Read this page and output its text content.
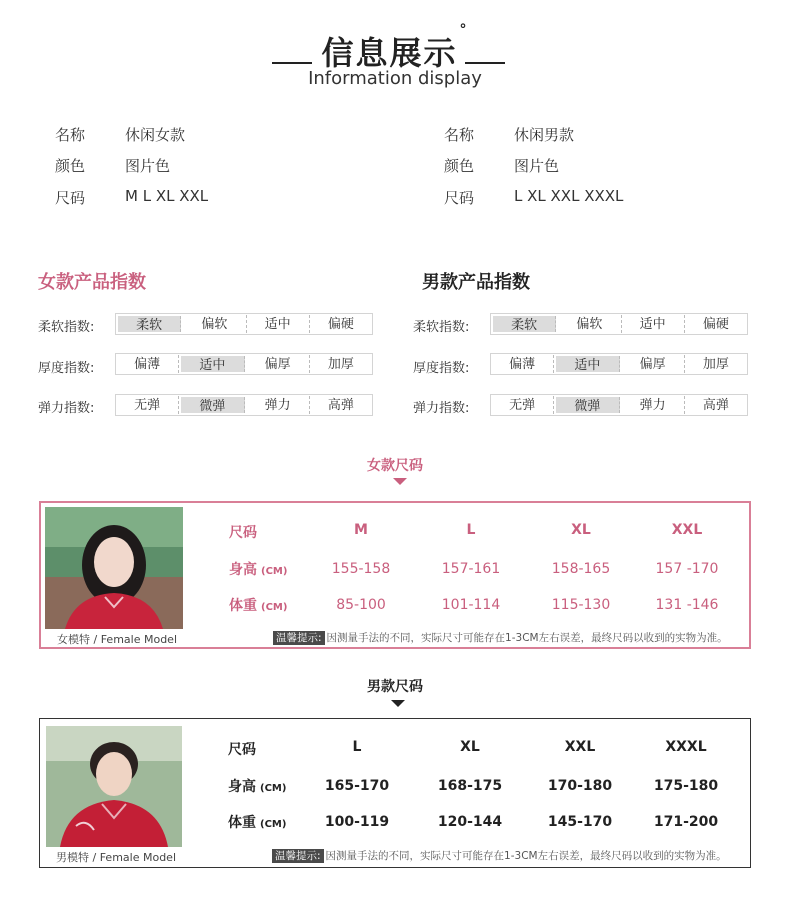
信息展示°
Information display
名称	休闲女款
颜色	图片色
尺码	M L XL XXL
名称	休闲男款
颜色	图片色
尺码	L XL XXL XXXL
女款产品指数	男款产品指数
柔软指数:	柔软	偏软	适中	偏硬
厚度指数:	偏薄	适中	偏厚	加厚
弹力指数:	无弹	微弹	弹力	高弹
柔软指数:	柔软	偏软	适中	偏硬
厚度指数:	偏薄	适中	偏厚	加厚
弹力指数:	无弹	微弹	弹力	高弹
女款尺码
女模特 / Female Model
尺码	M	L	XL	XXL
身高 (CM)	155-158	157-161	158-165	157 -170
体重 (CM)	85-100	101-114	115-130	131 -146
温馨提示: 因测量手法的不同，实际尺寸可能存在1-3CM左右误差，最终尺码以收到的实物为准。
男款尺码
男模特 / Female Model
尺码	L	XL	XXL	XXXL
身高 (CM)	165-170	168-175	170-180	175-180
体重 (CM)	100-119	120-144	145-170	171-200
温馨提示: 因测量手法的不同，实际尺寸可能存在1-3CM左右误差，最终尺码以收到的实物为准。
